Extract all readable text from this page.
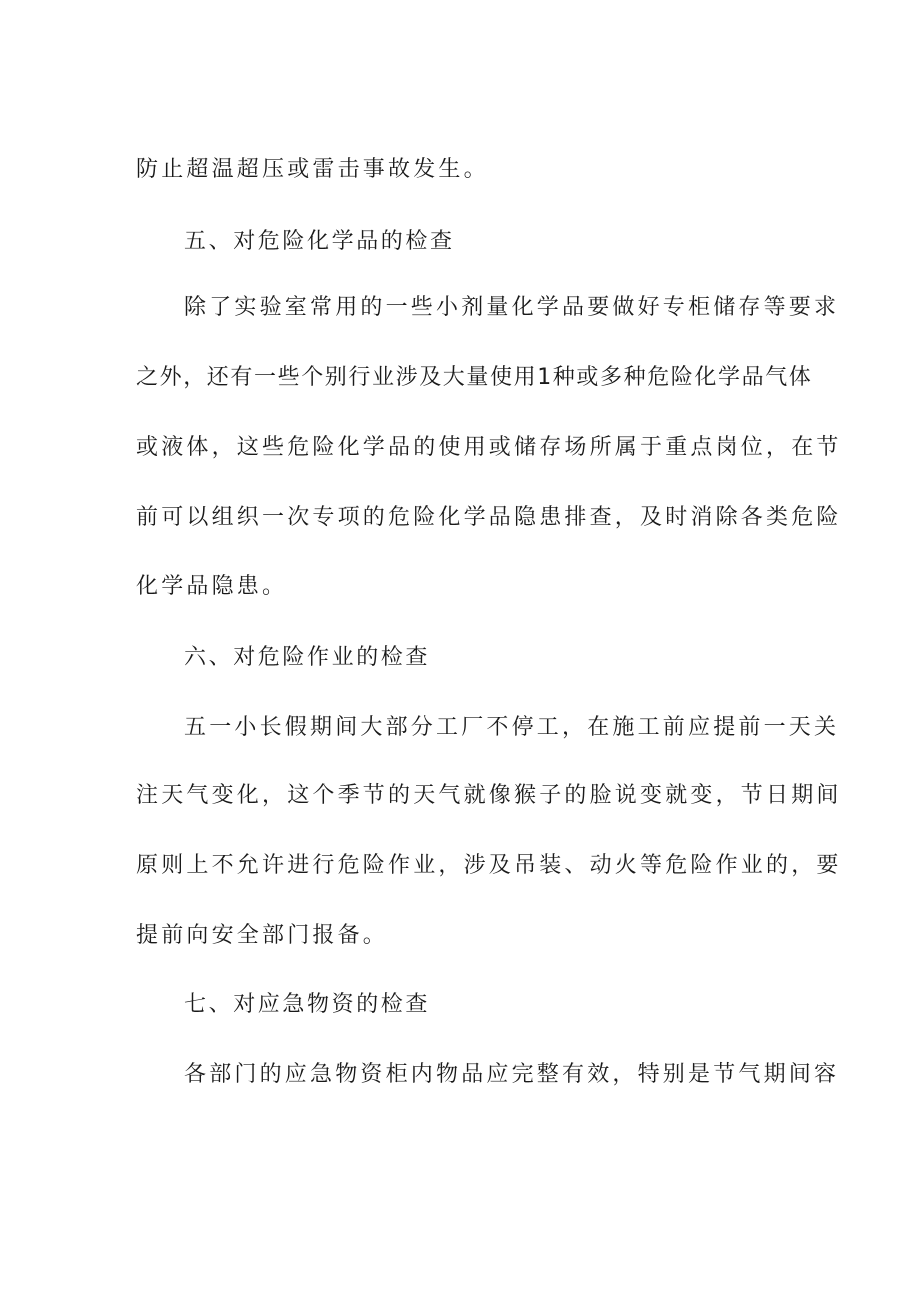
防止超温超压或雷击事故发生。
五、对危险化学品的检查
除了实验室常用的一些小剂量化学品要做好专柜储存等要求
之外，还有一些个别行业涉及大量使用1种或多种危险化学品气体
或液体，这些危险化学品的使用或储存场所属于重点岗位，在节
前可以组织一次专项的危险化学品隐患排查，及时消除各类危险
化学品隐患。
六、对危险作业的检查
五一小长假期间大部分工厂不停工，在施工前应提前一天关
注天气变化，这个季节的天气就像猴子的脸说变就变，节日期间
原则上不允许进行危险作业，涉及吊装、动火等危险作业的，要
提前向安全部门报备。
七、对应急物资的检查
各部门的应急物资柜内物品应完整有效，特别是节气期间容
